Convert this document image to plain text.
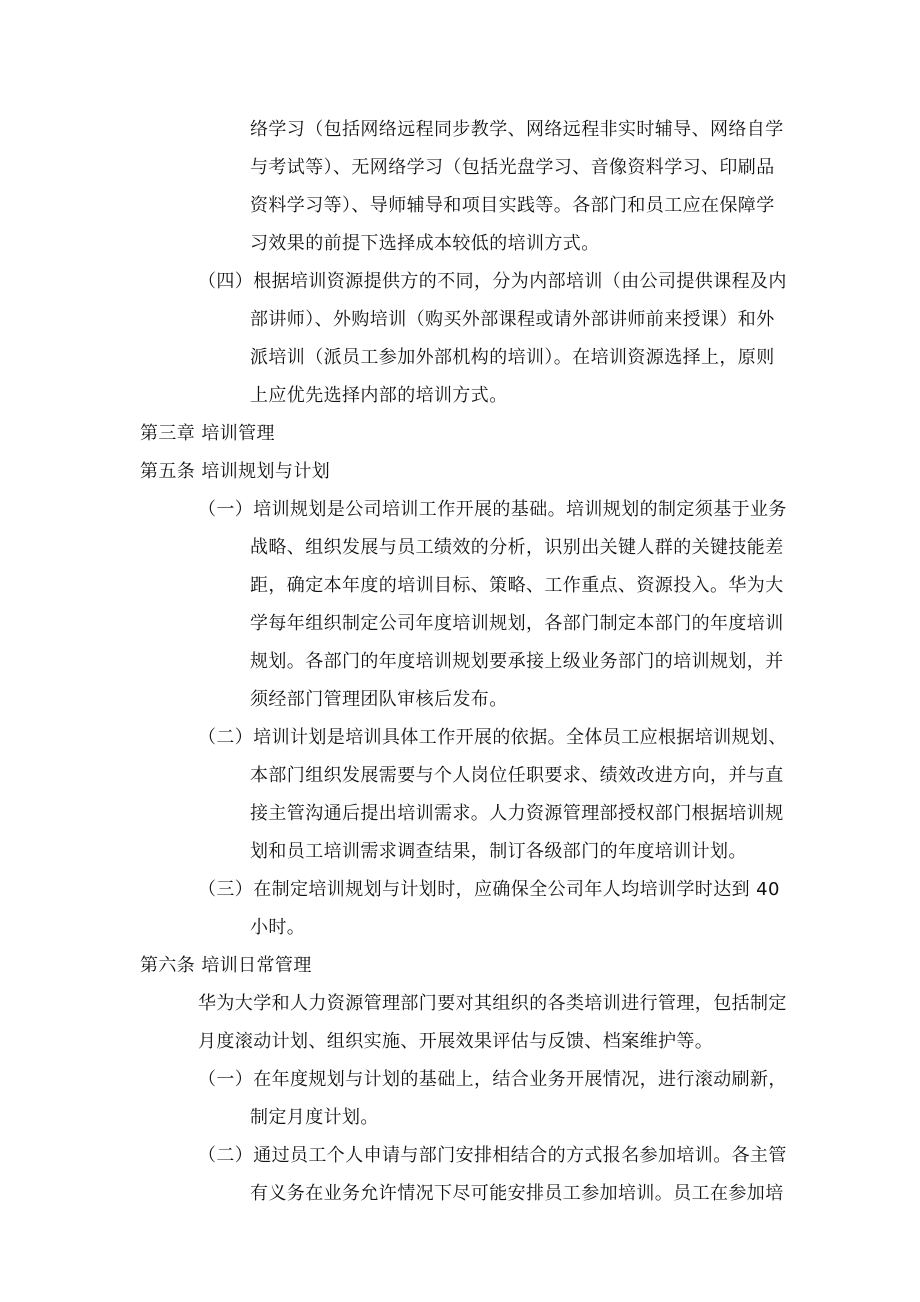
络学习（包括网络远程同步教学、网络远程非实时辅导、网络自学
与考试等）、无网络学习（包括光盘学习、音像资料学习、印刷品
资料学习等）、导师辅导和项目实践等。各部门和员工应在保障学
习效果的前提下选择成本较低的培训方式。
（四）根据培训资源提供方的不同，分为内部培训（由公司提供课程及内
部讲师）、外购培训（购买外部课程或请外部讲师前来授课）和外
派培训（派员工参加外部机构的培训）。在培训资源选择上，原则
上应优先选择内部的培训方式。
第三章 培训管理
第五条 培训规划与计划
（一）培训规划是公司培训工作开展的基础。培训规划的制定须基于业务
战略、组织发展与员工绩效的分析，识别出关键人群的关键技能差
距，确定本年度的培训目标、策略、工作重点、资源投入。华为大
学每年组织制定公司年度培训规划，各部门制定本部门的年度培训
规划。各部门的年度培训规划要承接上级业务部门的培训规划，并
须经部门管理团队审核后发布。
（二）培训计划是培训具体工作开展的依据。全体员工应根据培训规划、
本部门组织发展需要与个人岗位任职要求、绩效改进方向，并与直
接主管沟通后提出培训需求。人力资源管理部授权部门根据培训规
划和员工培训需求调查结果，制订各级部门的年度培训计划。
（三）在制定培训规划与计划时，应确保全公司年人均培训学时达到 40
小时。
第六条 培训日常管理
华为大学和人力资源管理部门要对其组织的各类培训进行管理，包括制定
月度滚动计划、组织实施、开展效果评估与反馈、档案维护等。
（一）在年度规划与计划的基础上，结合业务开展情况，进行滚动刷新，
制定月度计划。
（二）通过员工个人申请与部门安排相结合的方式报名参加培训。各主管
有义务在业务允许情况下尽可能安排员工参加培训。员工在参加培
